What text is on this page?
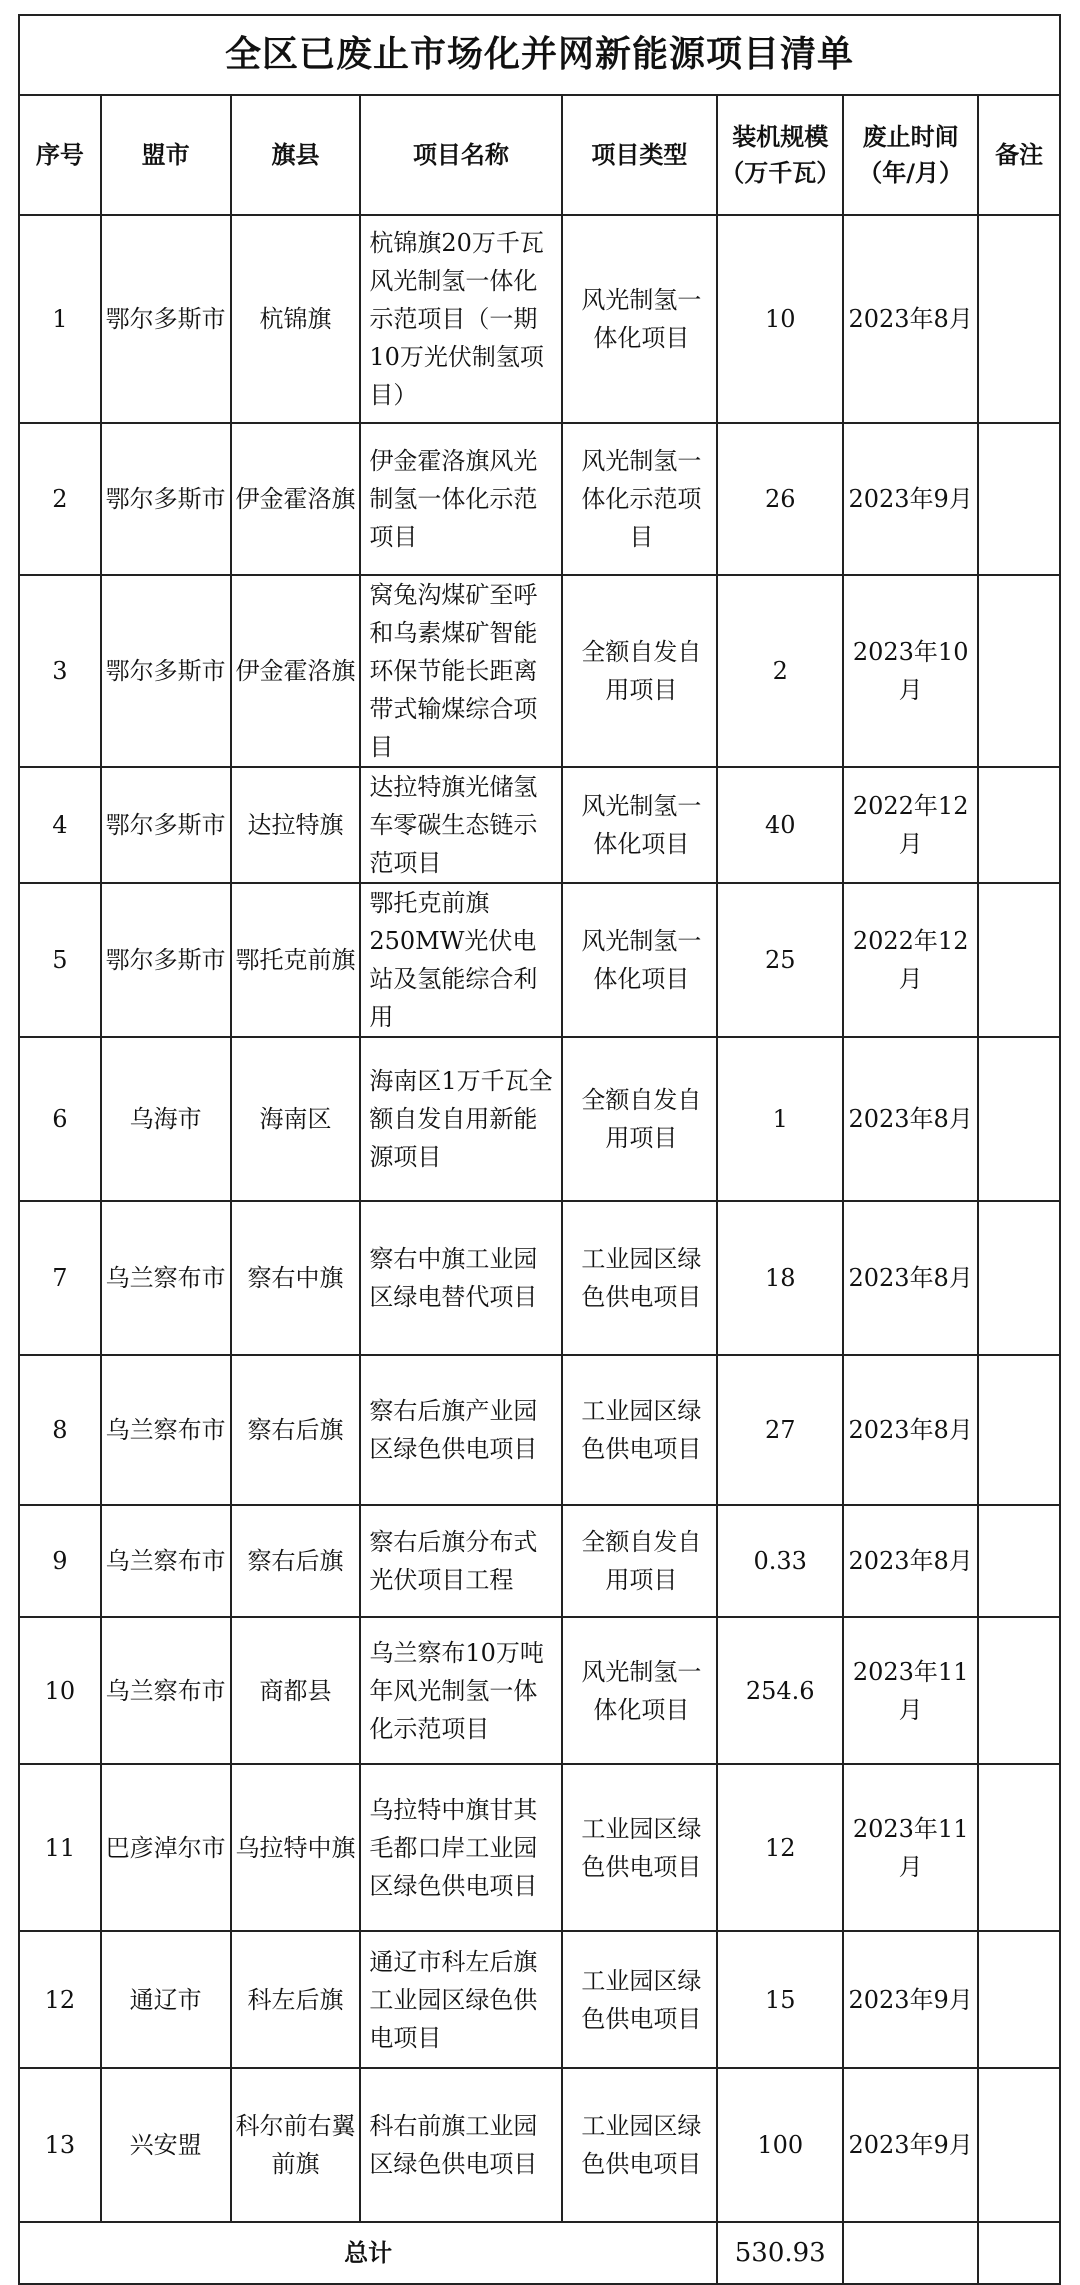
全区已废止市场化并网新能源项目清单							
序号	盟市	旗县	项目名称	项目类型	装机规模（万千瓦）	废止时间（年/月）	备注
1	鄂尔多斯市	杭锦旗	杭锦旗20万千瓦风光制氢一体化示范项目（一期10万光伏制氢项目）	风光制氢一体化项目	10	2023年8月	
2	鄂尔多斯市	伊金霍洛旗	伊金霍洛旗风光制氢一体化示范项目	风光制氢一体化示范项目	26	2023年9月	
3	鄂尔多斯市	伊金霍洛旗	窝兔沟煤矿至呼和乌素煤矿智能环保节能长距离带式输煤综合项目	全额自发自用项目	2	2023年10月	
4	鄂尔多斯市	达拉特旗	达拉特旗光储氢车零碳生态链示范项目	风光制氢一体化项目	40	2022年12月	
5	鄂尔多斯市	鄂托克前旗	鄂托克前旗250MW光伏电站及氢能综合利用	风光制氢一体化项目	25	2022年12月	
6	乌海市	海南区	海南区1万千瓦全额自发自用新能源项目	全额自发自用项目	1	2023年8月	
7	乌兰察布市	察右中旗	察右中旗工业园区绿电替代项目	工业园区绿色供电项目	18	2023年8月	
8	乌兰察布市	察右后旗	察右后旗产业园区绿色供电项目	工业园区绿色供电项目	27	2023年8月	
9	乌兰察布市	察右后旗	察右后旗分布式光伏项目工程	全额自发自用项目	0.33	2023年8月	
10	乌兰察布市	商都县	乌兰察布10万吨年风光制氢一体化示范项目	风光制氢一体化项目	254.6	2023年11月	
11	巴彦淖尔市	乌拉特中旗	乌拉特中旗甘其毛都口岸工业园区绿色供电项目	工业园区绿色供电项目	12	2023年11月	
12	通辽市	科左后旗	通辽市科左后旗工业园区绿色供电项目	工业园区绿色供电项目	15	2023年9月	
13	兴安盟	科尔前右翼前旗	科右前旗工业园区绿色供电项目	工业园区绿色供电项目	100	2023年9月	
总计					530.93		
